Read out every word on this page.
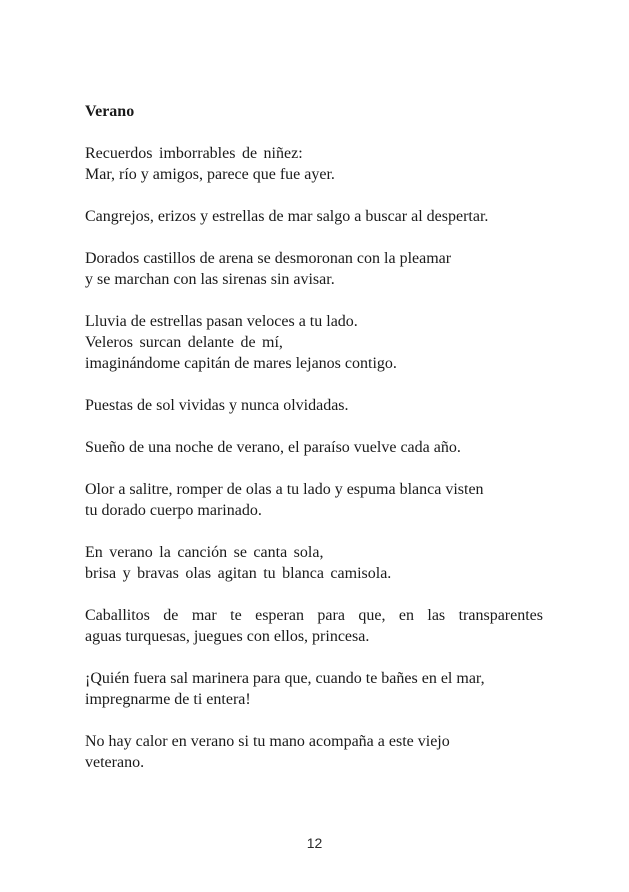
Verano
Recuerdos imborrables de niñez:
Mar, río y amigos, parece que fue ayer.
Cangrejos, erizos y estrellas de mar salgo a buscar al despertar.
Dorados castillos de arena se desmoronan con la pleamar
y se marchan con las sirenas sin avisar.
Lluvia de estrellas pasan veloces a tu lado.
Veleros surcan delante de mí,
imaginándome capitán de mares lejanos contigo.
Puestas de sol vividas y nunca olvidadas.
Sueño de una noche de verano, el paraíso vuelve cada año.
Olor a salitre, romper de olas a tu lado y espuma blanca visten
tu dorado cuerpo marinado.
En verano la canción se canta sola,
brisa y bravas olas agitan tu blanca camisola.
Caballitos de mar te esperan para que, en las transparentes
aguas turquesas, juegues con ellos, princesa.
¡Quién fuera sal marinera para que, cuando te bañes en el mar,
impregnarme de ti entera!
No hay calor en verano si tu mano acompaña a este viejo
veterano.
12
